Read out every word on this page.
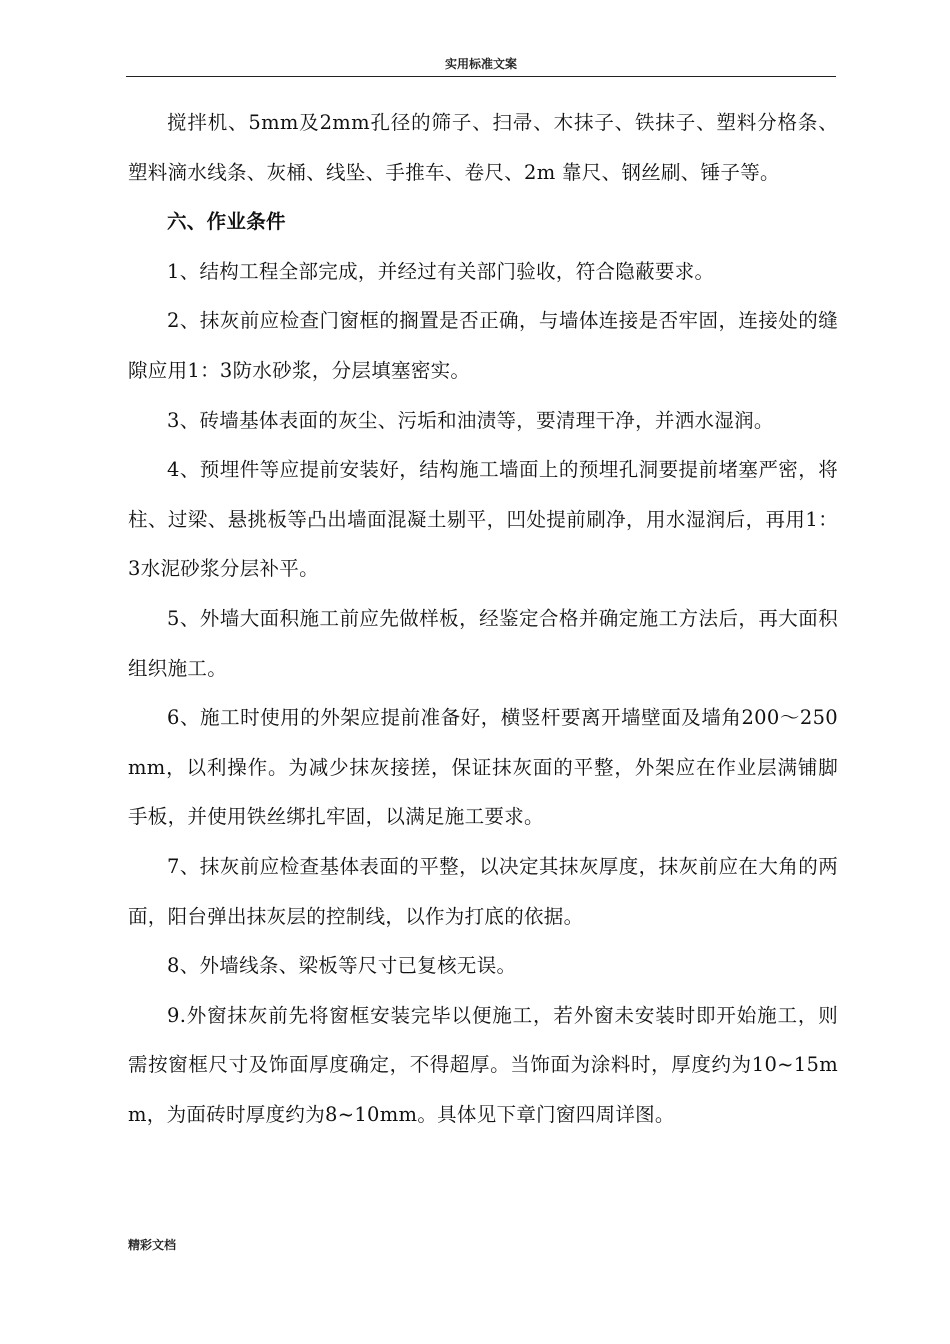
实用标准文案

搅拌机、5mm及2mm孔径的筛子、扫帚、木抹子、铁抹子、塑料分格条、塑料滴水线条、灰桶、线坠、手推车、卷尺、2m 靠尺、钢丝刷、锤子等。

六、作业条件

1、结构工程全部完成，并经过有关部门验收，符合隐蔽要求。

2、抹灰前应检查门窗框的搁置是否正确，与墙体连接是否牢固，连接处的缝隙应用1：3防水砂浆，分层填塞密实。

3、砖墙基体表面的灰尘、污垢和油渍等，要清理干净，并洒水湿润。

4、预埋件等应提前安装好，结构施工墙面上的预埋孔洞要提前堵塞严密，将柱、过梁、悬挑板等凸出墙面混凝土剔平，凹处提前刷净，用水湿润后，再用1：3水泥砂浆分层补平。

5、外墙大面积施工前应先做样板，经鉴定合格并确定施工方法后，再大面积组织施工。

6、施工时使用的外架应提前准备好，横竖杆要离开墙壁面及墙角200～250mm，以利操作。为减少抹灰接搓，保证抹灰面的平整，外架应在作业层满铺脚手板，并使用铁丝绑扎牢固，以满足施工要求。

7、抹灰前应检查基体表面的平整，以决定其抹灰厚度，抹灰前应在大角的两面，阳台弹出抹灰层的控制线，以作为打底的依据。

8、外墙线条、梁板等尺寸已复核无误。

9.外窗抹灰前先将窗框安装完毕以便施工，若外窗未安装时即开始施工，则需按窗框尺寸及饰面厚度确定，不得超厚。当饰面为涂料时，厚度约为10~15mm，为面砖时厚度约为8~10mm。具体见下章门窗四周详图。

精彩文档
